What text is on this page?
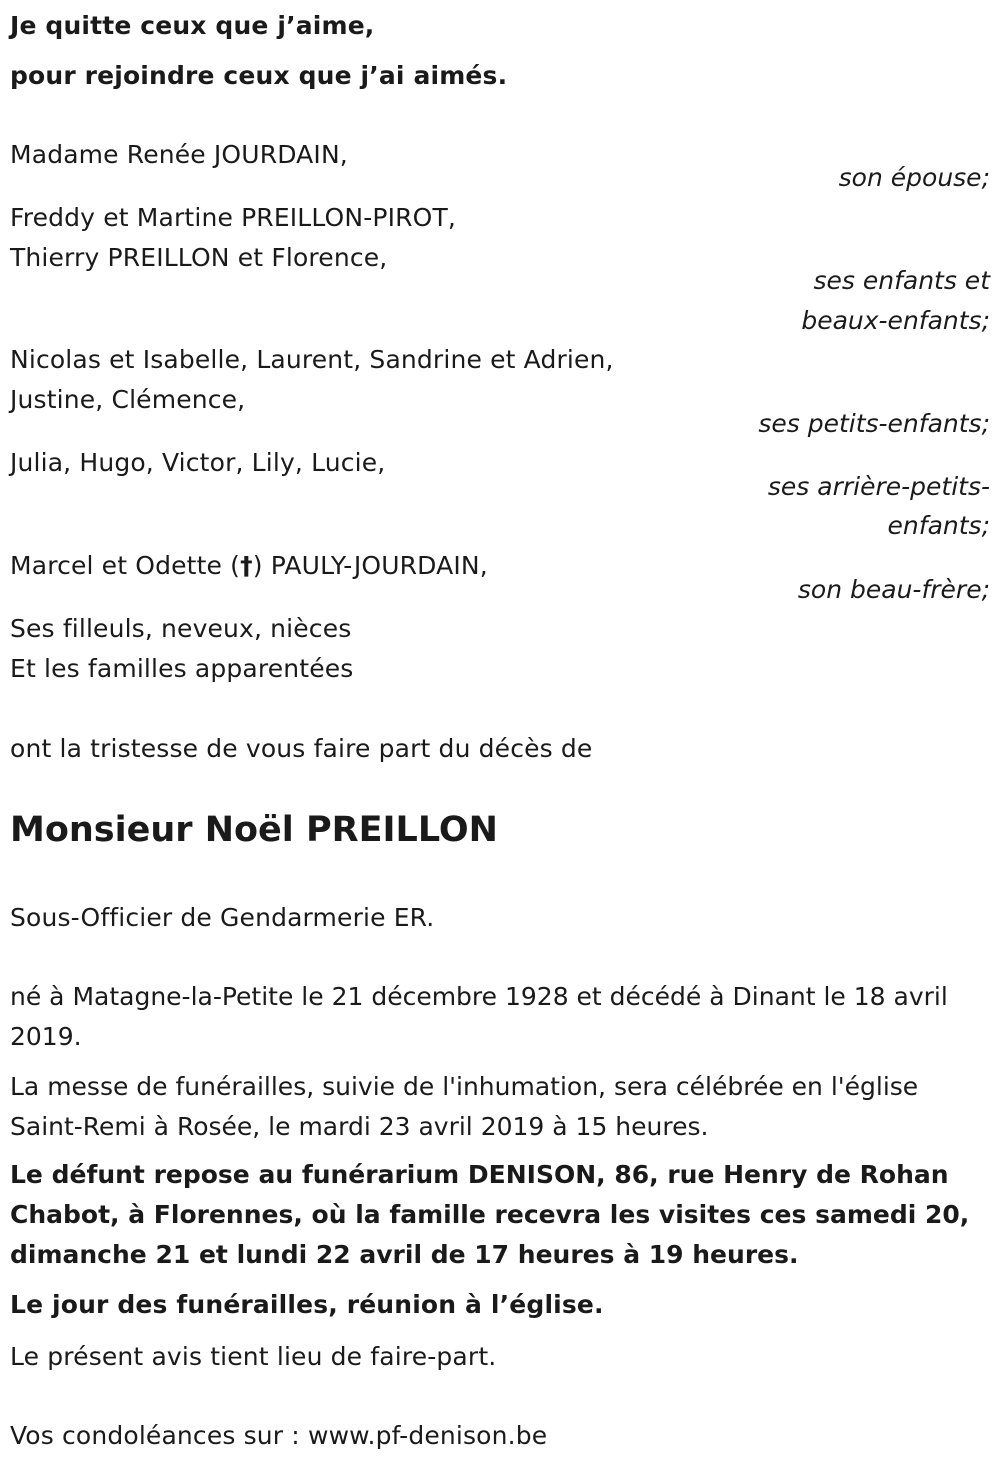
Je quitte ceux que j’aime,
pour rejoindre ceux que j’ai aimés.
Madame Renée JOURDAIN,
son épouse;
Freddy et Martine PREILLON-PIROT,
Thierry PREILLON et Florence,
ses enfants et
beaux-enfants;
Nicolas et Isabelle, Laurent, Sandrine et Adrien,
Justine, Clémence,
ses petits-enfants;
Julia, Hugo, Victor, Lily, Lucie,
ses arrière-petits-
enfants;
Marcel et Odette (†) PAULY-JOURDAIN,
son beau-frère;
Ses filleuls, neveux, nièces
Et les familles apparentées
ont la tristesse de vous faire part du décès de
Monsieur Noël PREILLON
Sous-Officier de Gendarmerie ER.
né à Matagne-la-Petite le 21 décembre 1928 et décédé à Dinant le 18 avril 2019.
La messe de funérailles, suivie de l'inhumation, sera célébrée en l'église Saint-Remi à Rosée, le mardi 23 avril 2019 à 15 heures.
Le défunt repose au funérarium DENISON, 86, rue Henry de Rohan Chabot, à Florennes, où la famille recevra les visites ces samedi 20, dimanche 21 et lundi 22 avril de 17 heures à 19 heures.
Le jour des funérailles, réunion à l’église.
Le présent avis tient lieu de faire-part.
Vos condoléances sur : www.pf-denison.be
